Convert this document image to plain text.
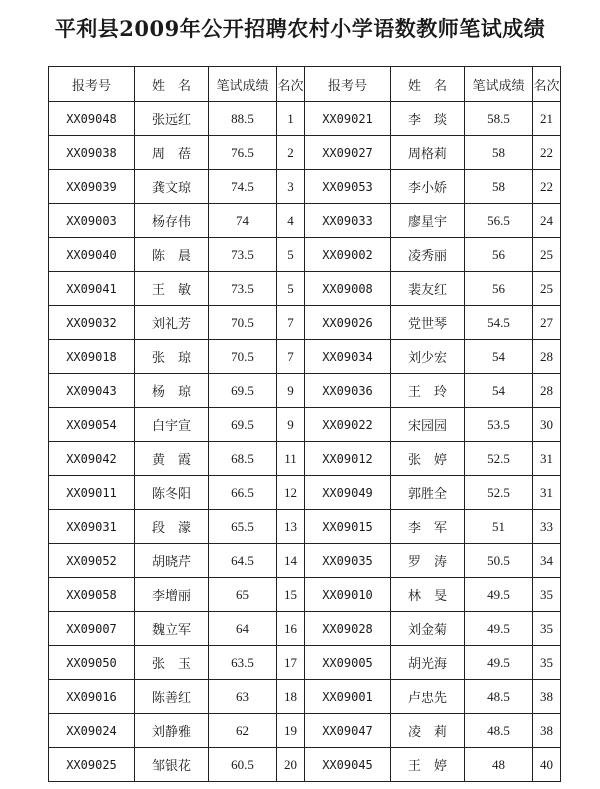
平利县2009年公开招聘农村小学语数教师笔试成绩
报考号	姓　名	笔试成绩	名次	报考号	姓　名	笔试成绩	名次
XX09048	张远红	88.5	1	XX09021	李　琰	58.5	21
XX09038	周　蓓	76.5	2	XX09027	周格莉	58	22
XX09039	龚文琼	74.5	3	XX09053	李小娇	58	22
XX09003	杨存伟	74	4	XX09033	廖星宇	56.5	24
XX09040	陈　晨	73.5	5	XX09002	凌秀丽	56	25
XX09041	王　敏	73.5	5	XX09008	裴友红	56	25
XX09032	刘礼芳	70.5	7	XX09026	党世琴	54.5	27
XX09018	张　琼	70.5	7	XX09034	刘少宏	54	28
XX09043	杨　琼	69.5	9	XX09036	王　玲	54	28
XX09054	白宇宣	69.5	9	XX09022	宋园园	53.5	30
XX09042	黄　霞	68.5	11	XX09012	张　婷	52.5	31
XX09011	陈冬阳	66.5	12	XX09049	郭胜全	52.5	31
XX09031	段　濛	65.5	13	XX09015	李　军	51	33
XX09052	胡晓芹	64.5	14	XX09035	罗　涛	50.5	34
XX09058	李增丽	65	15	XX09010	林　旻	49.5	35
XX09007	魏立军	64	16	XX09028	刘金菊	49.5	35
XX09050	张　玉	63.5	17	XX09005	胡光海	49.5	35
XX09016	陈善红	63	18	XX09001	卢忠先	48.5	38
XX09024	刘静雅	62	19	XX09047	凌　莉	48.5	38
XX09025	邹银花	60.5	20	XX09045	王　婷	48	40
